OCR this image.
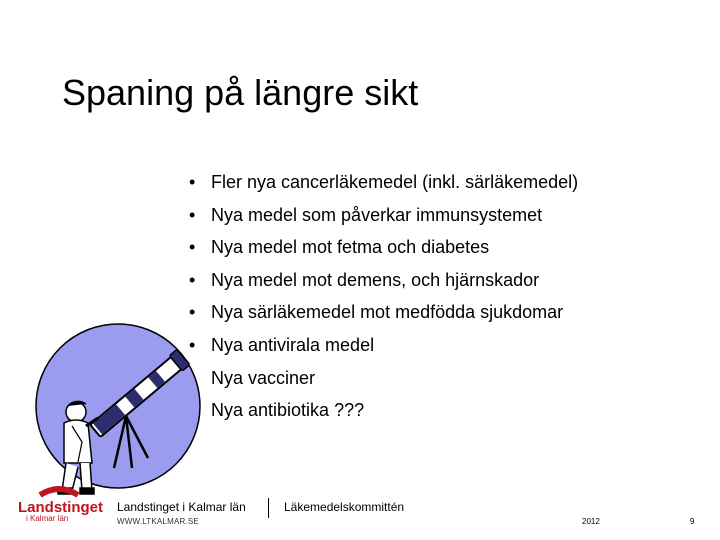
Spaning på längre sikt
• Fler nya cancerläkemedel (inkl. särläkemedel)
• Nya medel som påverkar immunsystemet
• Nya medel mot fetma och diabetes
• Nya medel mot demens, och hjärnskador
• Nya särläkemedel mot medfödda sjukdomar
• Nya antivirala medel
Nya vacciner
Nya antibiotika ???
Landstinget
i Kalmar län
Landstinget i Kalmar län
WWW.LTKALMAR.SE
Läkemedelskommittén
2012	9
